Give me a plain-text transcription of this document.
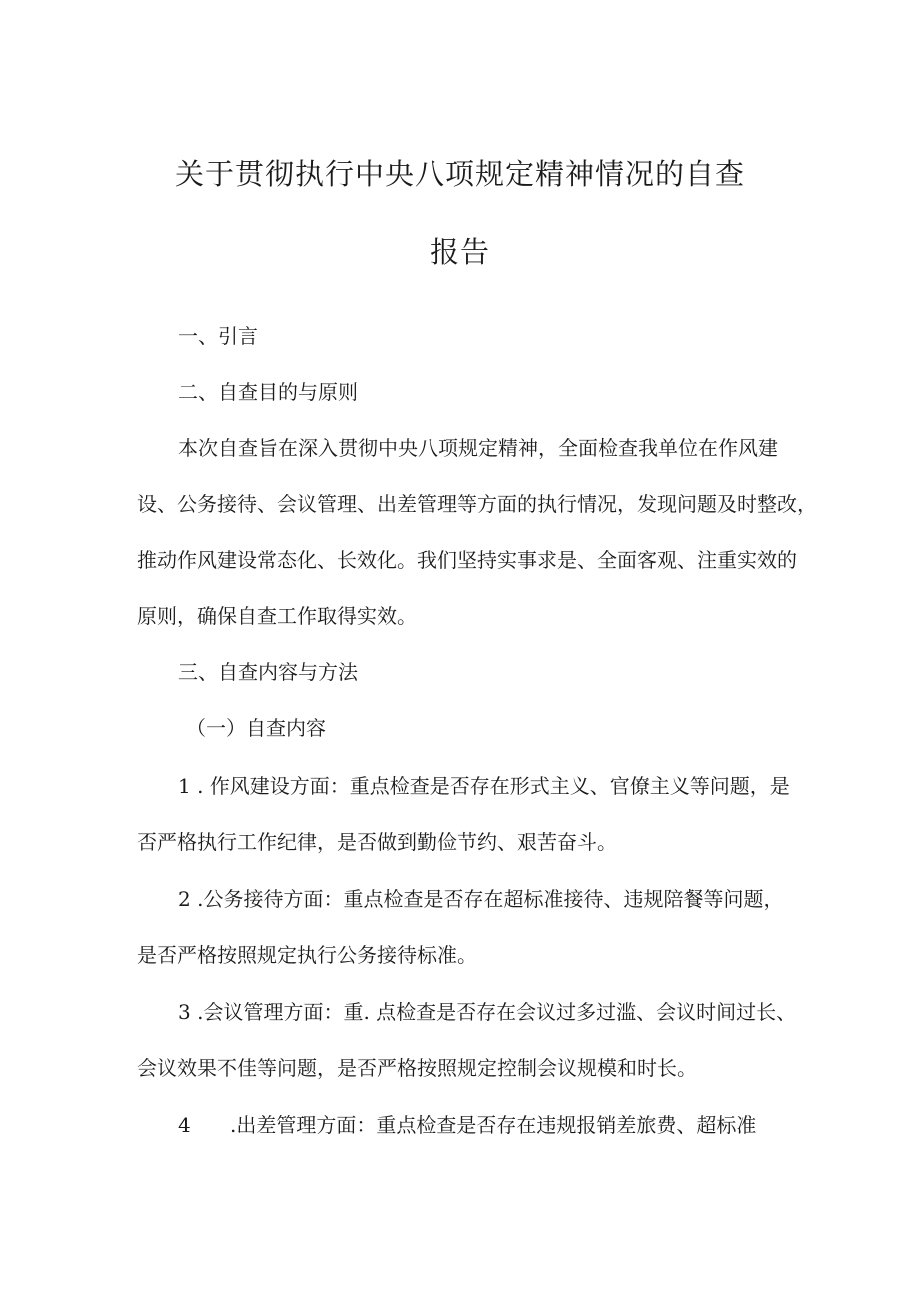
关于贯彻执行中央八项规定精神情况的自查
报告
一、引言
二、自查目的与原则
本次自查旨在深入贯彻中央八项规定精神，全面检查我单位在作风建
设、公务接待、会议管理、出差管理等方面的执行情况，发现问题及时整改，
推动作风建设常态化、长效化。我们坚持实事求是、全面客观、注重实效的
原则，确保自查工作取得实效。
三、自查内容与方法
（一）自查内容
1 . 作风建设方面：重点检查是否存在形式主义、官僚主义等问题，是
否严格执行工作纪律，是否做到勤俭节约、艰苦奋斗。
2 .公务接待方面：重点检查是否存在超标准接待、违规陪餐等问题，
是否严格按照规定执行公务接待标准。
3 .会议管理方面：重. 点检查是否存在会议过多过滥、会议时间过长、
会议效果不佳等问题，是否严格按照规定控制会议规模和时长。
4 .出差管理方面：重点检查是否存在违规报销差旅费、超标准
